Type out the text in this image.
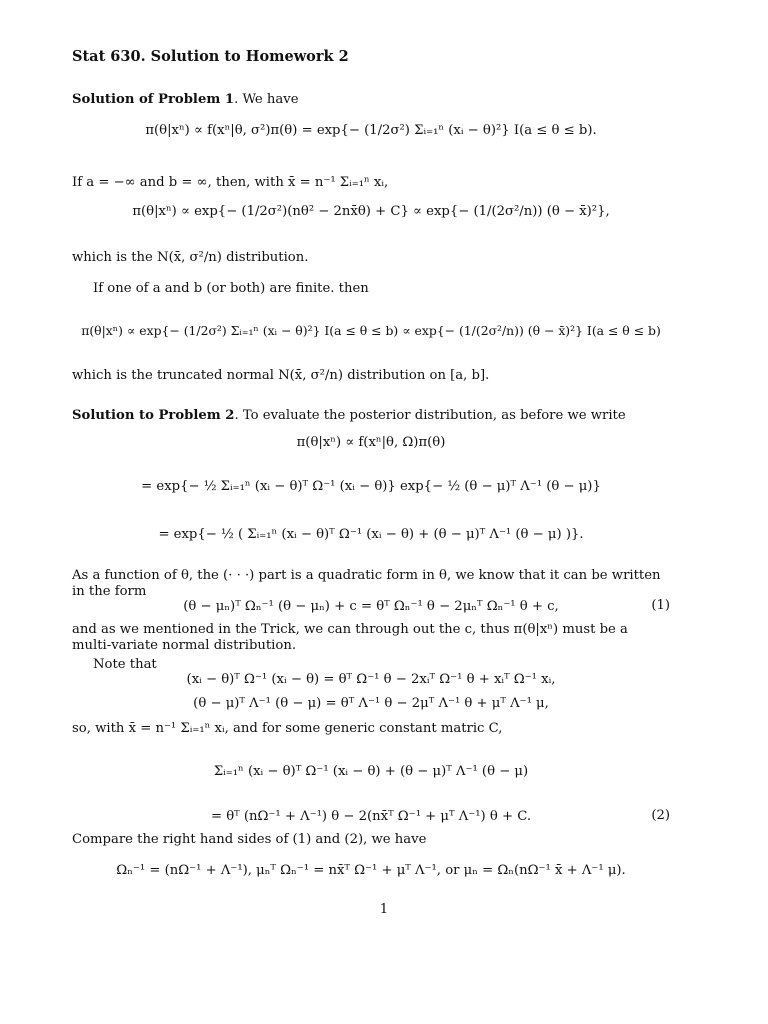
Stat 630. Solution to Homework 2
Solution of Problem 1. We have
π(θ|xⁿ) ∝ f(xⁿ|θ, σ²)π(θ) = exp{− (1/2σ²) Σᵢ₌₁ⁿ (xᵢ − θ)²} I(a ≤ θ ≤ b).
If a = −∞ and b = ∞, then, with x̄ = n⁻¹ Σᵢ₌₁ⁿ xᵢ,
π(θ|xⁿ) ∝ exp{− (1/2σ²)(nθ² − 2nx̄θ) + C} ∝ exp{− (1/(2σ²/n)) (θ − x̄)²},
which is the N(x̄, σ²/n) distribution.
If one of a and b (or both) are finite. then
π(θ|xⁿ) ∝ exp{− (1/2σ²) Σᵢ₌₁ⁿ (xᵢ − θ)²} I(a ≤ θ ≤ b) ∝ exp{− (1/(2σ²/n)) (θ − x̄)²} I(a ≤ θ ≤ b)
which is the truncated normal N(x̄, σ²/n) distribution on [a, b].
Solution to Problem 2. To evaluate the posterior distribution, as before we write
π(θ|xⁿ) ∝ f(xⁿ|θ, Ω)π(θ)
= exp{− ½ Σᵢ₌₁ⁿ (xᵢ − θ)ᵀ Ω⁻¹ (xᵢ − θ)} exp{− ½ (θ − μ)ᵀ Λ⁻¹ (θ − μ)}
= exp{− ½ ( Σᵢ₌₁ⁿ (xᵢ − θ)ᵀ Ω⁻¹ (xᵢ − θ) + (θ − μ)ᵀ Λ⁻¹ (θ − μ) )}.
As a function of θ, the (· · ·) part is a quadratic form in θ, we know that it can be written in the form
(θ − μₙ)ᵀ Ωₙ⁻¹ (θ − μₙ) + c = θᵀ Ωₙ⁻¹ θ − 2μₙᵀ Ωₙ⁻¹ θ + c,	(1)
and as we mentioned in the Trick, we can through out the c, thus π(θ|xⁿ) must be a multi-variate normal distribution.
Note that
(xᵢ − θ)ᵀ Ω⁻¹ (xᵢ − θ) = θᵀ Ω⁻¹ θ − 2xᵢᵀ Ω⁻¹ θ + xᵢᵀ Ω⁻¹ xᵢ,
(θ − μ)ᵀ Λ⁻¹ (θ − μ) = θᵀ Λ⁻¹ θ − 2μᵀ Λ⁻¹ θ + μᵀ Λ⁻¹ μ,
so, with x̄ = n⁻¹ Σᵢ₌₁ⁿ xᵢ, and for some generic constant matric C,
Σᵢ₌₁ⁿ (xᵢ − θ)ᵀ Ω⁻¹ (xᵢ − θ) + (θ − μ)ᵀ Λ⁻¹ (θ − μ)
= θᵀ (nΩ⁻¹ + Λ⁻¹) θ − 2(nx̄ᵀ Ω⁻¹ + μᵀ Λ⁻¹) θ + C.	(2)
Compare the right hand sides of (1) and (2), we have
Ωₙ⁻¹ = (nΩ⁻¹ + Λ⁻¹), μₙᵀ Ωₙ⁻¹ = nx̄ᵀ Ω⁻¹ + μᵀ Λ⁻¹, or μₙ = Ωₙ(nΩ⁻¹ x̄ + Λ⁻¹ μ).
1
